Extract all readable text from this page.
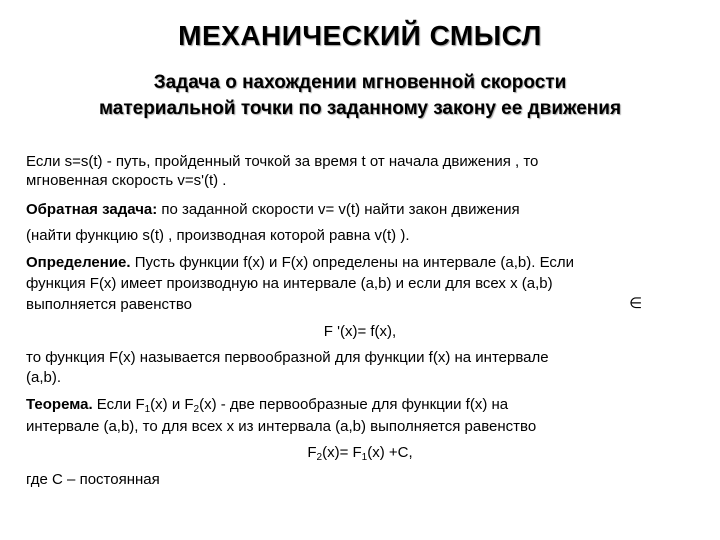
МЕХАНИЧЕСКИЙ СМЫСЛ
Задача о нахождении мгновенной скорости
материальной точки по заданному закону ее движения
Если s=s(t) - путь, пройденный точкой за время t от начала движения , то
мгновенная скорость v=s'(t) .
Обратная задача: по заданной скорости v= v(t) найти закон движения
(найти функцию s(t) , производная которой равна v(t) ).
Определение. Пусть функции f(x) и F(x) определены на интервале (a,b). Если
функция F(x) имеет производную на интервале (a,b) и если для всех x (a,b)
∈
выполняется равенство
F '(x)= f(x),
то функция F(x) называется первообразной для функции f(x) на интервале
(a,b).
Теорема. Если $F_1(x)$ и $F_2(x)$ - две первообразные для функции f(x) на
интервале (a,b), то для всех x из интервала (a,b) выполняется равенство
$F_2(x)= F_1(x) +C$,
где C – постоянная
